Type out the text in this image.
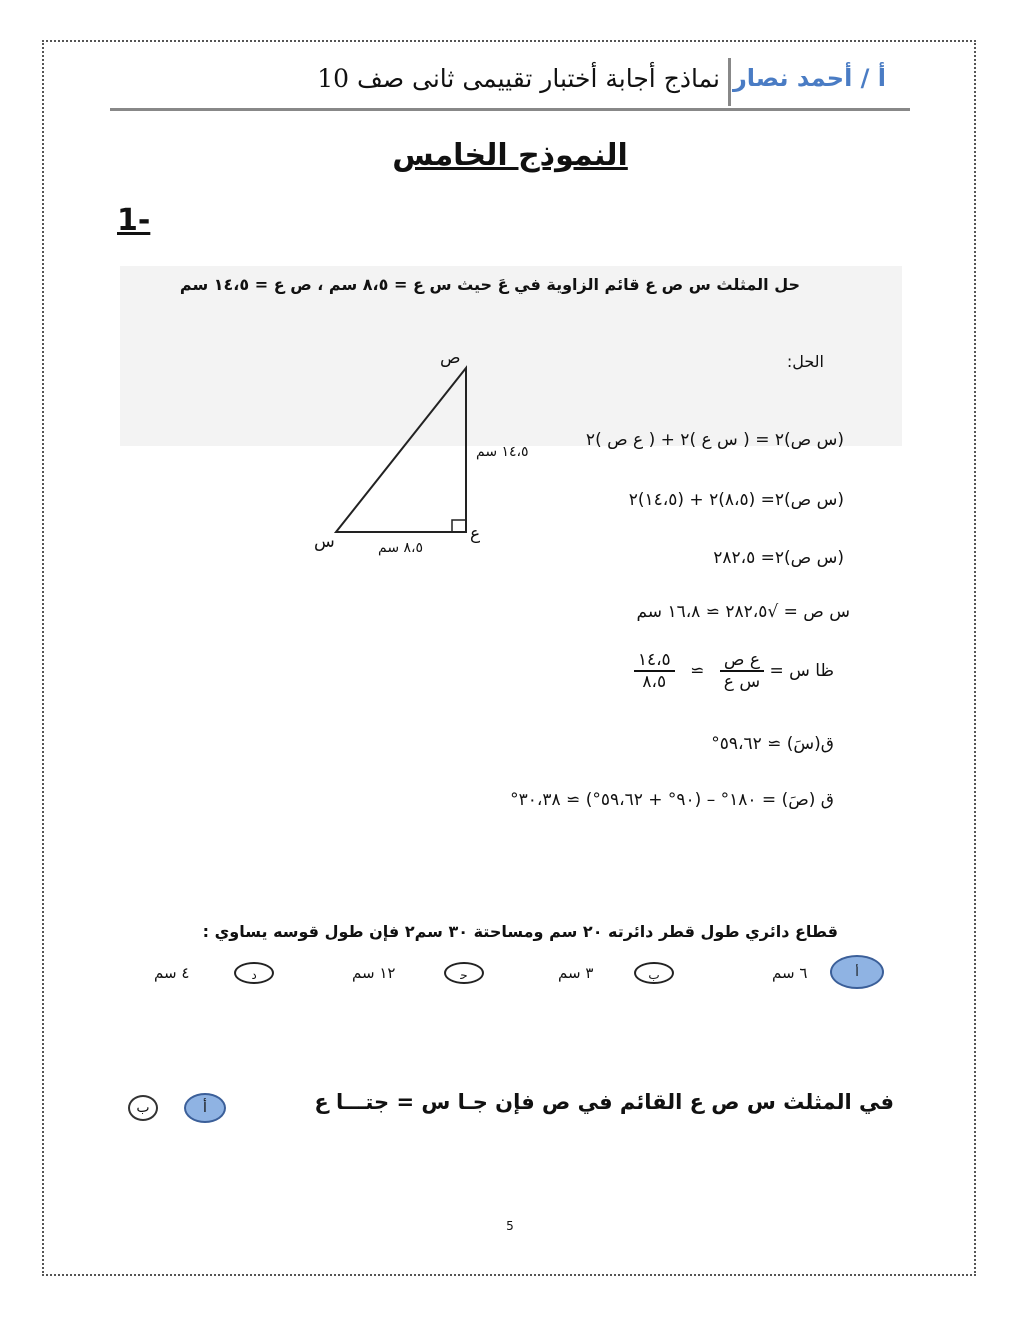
أ / أحمد نصار
نماذج أجابة أختبار تقييمى ثانى صف 10
النموذج الخامس
1-
حل المثلث س ص ع قائم الزاوية في عَ حيث س ع = ٨،٥ سم ، ص ع = ١٤،٥ سم
الحل:
ص
س	ع
١٤،٥ سم
٨،٥ سم
(س ص)٢ = ( س ع )٢ + ( ع ص )٢
(س ص)٢= (٨،٥)٢ + (١٤،٥)٢
(س ص)٢= ٢٨٢،٥
س ص = √٢٨٢،٥ ≃ ١٦،٨ سم
ظا س =
$\frac{\text{ع ص}}{\text{س ع}}$
≃
$\frac{١٤،٥}{٨،٥}$
ق(سَ) ≃ ٥٩،٦٢°
ق (صَ) = ١٨٠° – (٩٠° + ٥٩،٦٢°) ≃ ٣٠،٣٨°
قطاع دائري طول قطر دائرته ٢٠ سم ومساحتة ٣٠ سم٢ فإن طول قوسه يساوي :
أ
٦ سم
ب
٣ سم
ﺣ
١٢ سم
د
٤ سم
في المثلث س ص ع القائم في ص فإن جـا س = جتـــا ع
أ
ب
5
